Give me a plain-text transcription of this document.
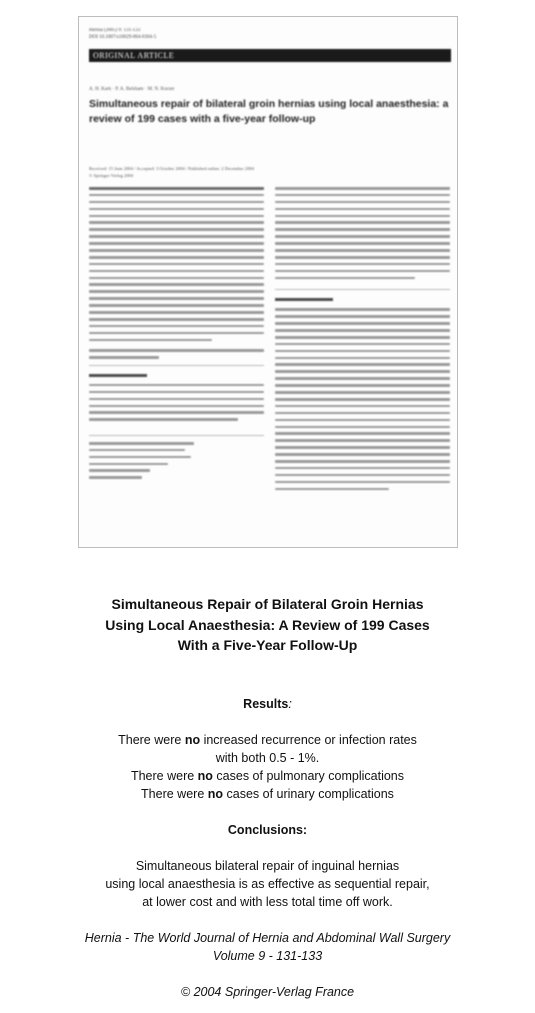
Hernia (2005) 9: 131-133
DOI 10.1007/s10029-004-0304-5
ORIGINAL ARTICLE
A. H. Kark · P. A. Belsham · M. N. Kurzer
Simultaneous repair of bilateral groin hernias using local anaesthesia: a review of 199 cases with a five-year follow-up
Received: 15 June 2004 / Accepted: 3 October 2004 / Published online: 2 December 2004
© Springer-Verlag 2004
Simultaneous Repair of Bilateral Groin Hernias
Using Local Anaesthesia: A Review of 199 Cases
With a Five-Year Follow-Up
Results:
There were no increased recurrence or infection rates
with both 0.5 - 1%.
There were no cases of pulmonary complications
There were no cases of urinary complications
Conclusions:
Simultaneous bilateral repair of inguinal hernias
using local anaesthesia is as effective as sequential repair,
at lower cost and with less total time off work.
Hernia - The World Journal of Hernia and Abdominal Wall Surgery
Volume 9 - 131-133
© 2004 Springer-Verlag France
